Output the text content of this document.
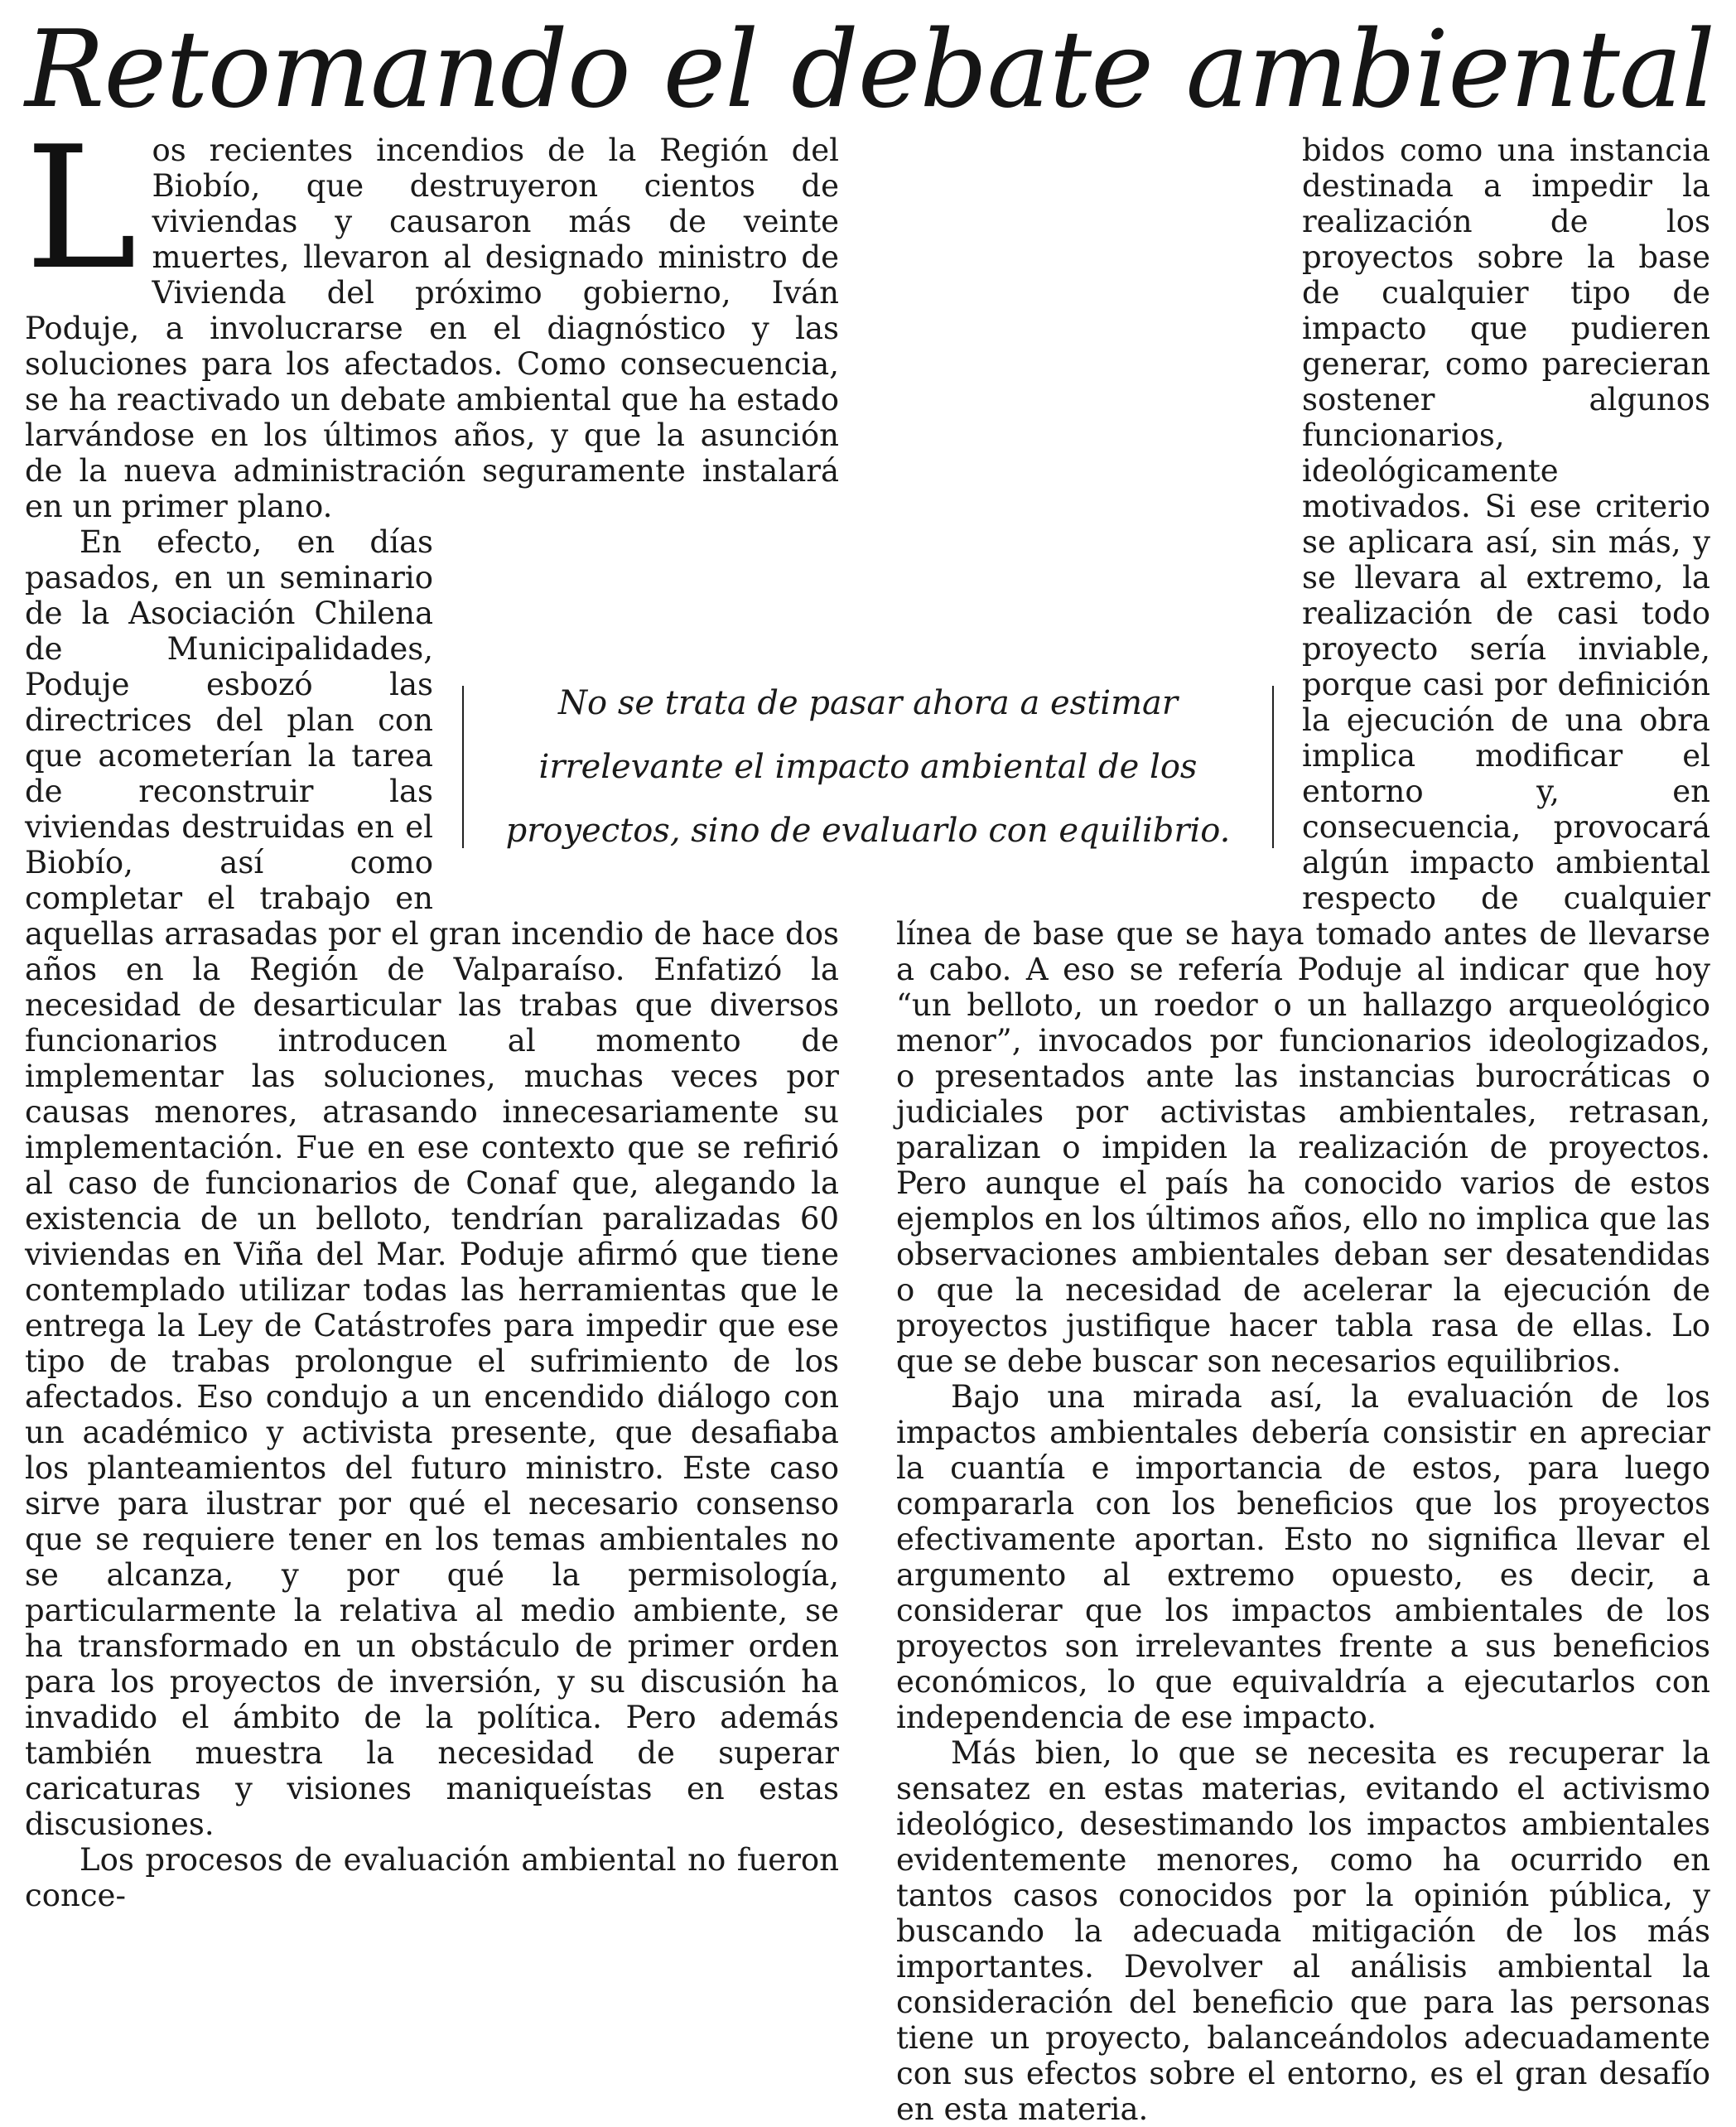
Retomando el debate ambiental

L os recientes incendios de la Región del Biobío, que destruyeron cientos de viviendas y causaron más de veinte muertes, llevaron al designado ministro de Vivienda del próximo gobierno, Iván Poduje, a involucrarse en el diagnóstico y las soluciones para los afectados. Como consecuencia, se ha reactivado un debate ambiental que ha estado larvándose en los últimos años, y que la asunción de la nueva administración seguramente instalará en un primer plano.

En efecto, en días pasados, en un seminario de la Asociación Chilena de Municipalidades, Poduje esbozó las directrices del plan con que acometerían la tarea de reconstruir las viviendas destruidas en el Biobío, así como completar el trabajo en aquellas arrasadas por el gran incendio de hace dos años en la Región de Valparaíso. Enfatizó la necesidad de desarticular las trabas que diversos funcionarios introducen al momento de implementar las soluciones, muchas veces por causas menores, atrasando innecesariamente su implementación. Fue en ese contexto que se refirió al caso de funcionarios de Conaf que, alegando la existencia de un belloto, tendrían paralizadas 60 viviendas en Viña del Mar. Poduje afirmó que tiene contemplado utilizar todas las herramientas que le entrega la Ley de Catástrofes para impedir que ese tipo de trabas prolongue el sufrimiento de los afectados. Eso condujo a un encendido diálogo con un académico y activista presente, que desafiaba los planteamientos del futuro ministro. Este caso sirve para ilustrar por qué el necesario consenso que se requiere tener en los temas ambientales no se alcanza, y por qué la permisología, particularmente la relativa al medio ambiente, se ha transformado en un obstáculo de primer orden para los proyectos de inversión, y su discusión ha invadido el ámbito de la política. Pero además también muestra la necesidad de superar caricaturas y visiones maniqueístas en estas discusiones.

Los procesos de evaluación ambiental no fueron conce-

bidos como una instancia destinada a impedir la realización de los proyectos sobre la base de cualquier tipo de impacto que pudieren generar, como parecieran sostener algunos funcionarios, ideológicamente motivados. Si ese criterio se aplicara así, sin más, y se llevara al extremo, la realización de casi todo proyecto sería inviable, porque casi por definición la ejecución de una obra implica modificar el entorno y, en consecuencia, provocará algún impacto ambiental respecto de cualquier línea de base que se haya tomado antes de llevarse a cabo. A eso se refería Poduje al indicar que hoy “un belloto, un roedor o un hallazgo arqueológico menor”, invocados por funcionarios ideologizados, o presentados ante las instancias burocráticas o judiciales por activistas ambientales, retrasan, paralizan o impiden la realización de proyectos. Pero aunque el país ha conocido varios de estos ejemplos en los últimos años, ello no implica que las observaciones ambientales deban ser desatendidas o que la necesidad de acelerar la ejecución de proyectos justifique hacer tabla rasa de ellas. Lo que se debe buscar son necesarios equilibrios.

Bajo una mirada así, la evaluación de los impactos ambientales debería consistir en apreciar la cuantía e importancia de estos, para luego compararla con los beneficios que los proyectos efectivamente aportan. Esto no significa llevar el argumento al extremo opuesto, es decir, a considerar que los impactos ambientales de los proyectos son irrelevantes frente a sus beneficios económicos, lo que equivaldría a ejecutarlos con independencia de ese impacto.

Más bien, lo que se necesita es recuperar la sensatez en estas materias, evitando el activismo ideológico, desestimando los impactos ambientales evidentemente menores, como ha ocurrido en tantos casos conocidos por la opinión pública, y buscando la adecuada mitigación de los más importantes. Devolver al análisis ambiental la consideración del beneficio que para las personas tiene un proyecto, balanceándolos adecuadamente con sus efectos sobre el entorno, es el gran desafío en esta materia.

No se trata de pasar ahora a estimar irrelevante el impacto ambiental de los proyectos, sino de evaluarlo con equilibrio.
